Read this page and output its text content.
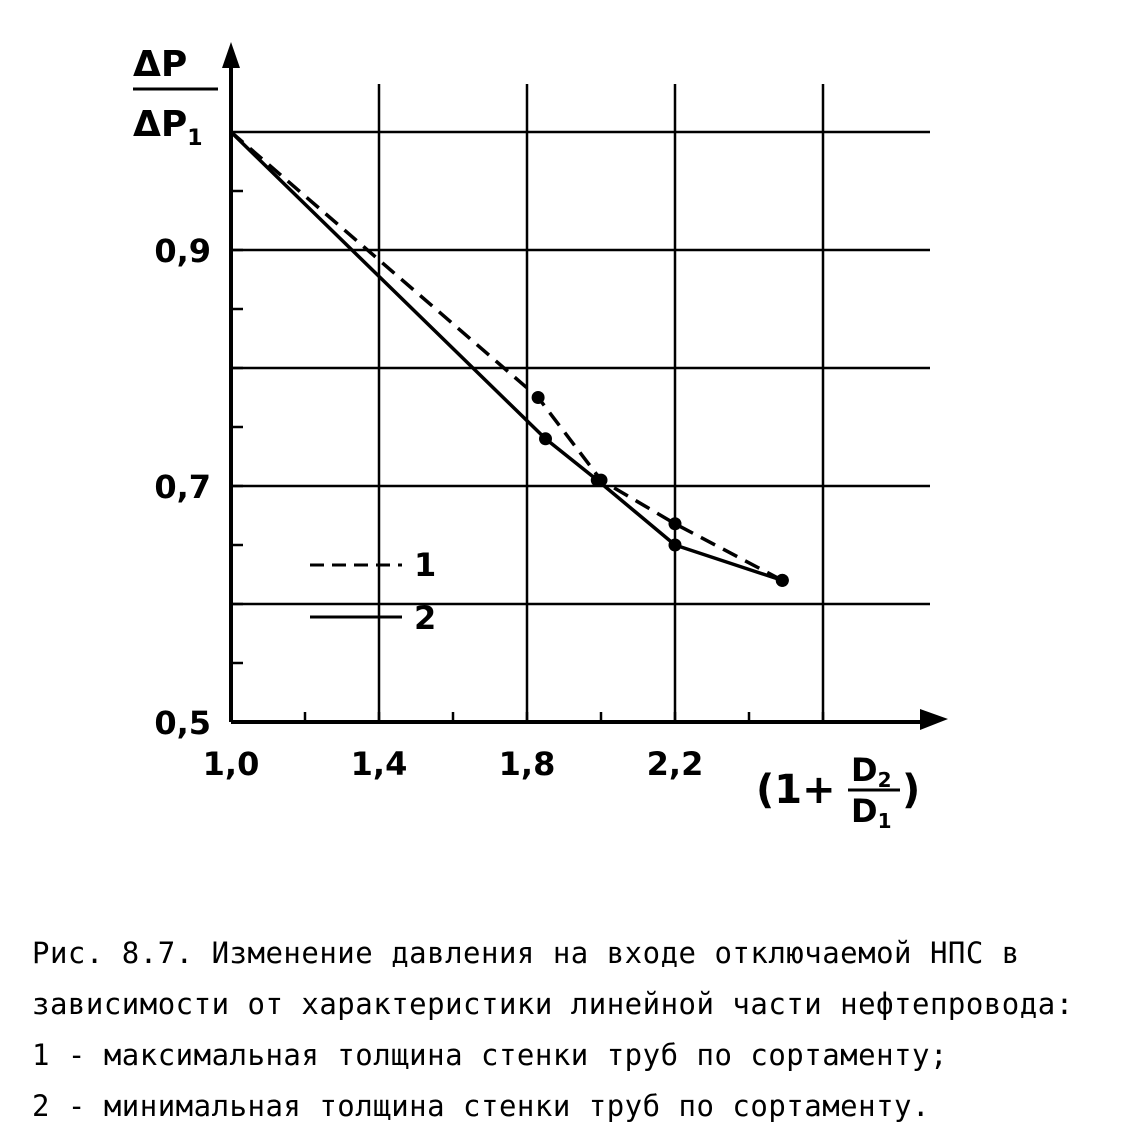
1,0	1,4	1,8	2,2
0,5
0,7
0,9
ΔP
$\Delta P_1$
(1+ D2
D1
)
1
2
Рис. 8.7. Изменение давления на входе отключаемой НПС в
зависимости от характеристики линейной части нефтепровода:
1 - максимальная толщина стенки труб по сортаменту;
2 - минимальная толщина стенки труб по сортаменту.
